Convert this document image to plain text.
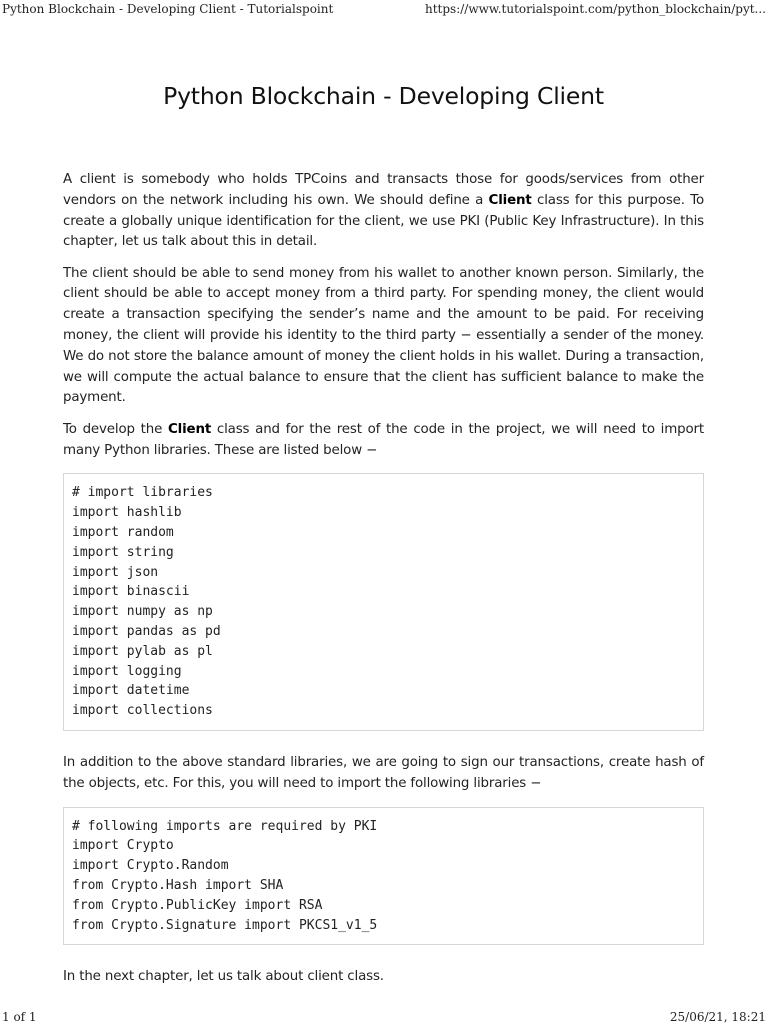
Python Blockchain - Developing Client - Tutorialspoint	https://www.tutorialspoint.com/python_blockchain/pyt...
Python Blockchain - Developing Client

A client is somebody who holds TPCoins and transacts those for goods/services from other vendors on the network including his own. We should define a Client class for this purpose. To create a globally unique identification for the client, we use PKI (Public Key Infrastructure). In this chapter, let us talk about this in detail.

The client should be able to send money from his wallet to another known person. Similarly, the client should be able to accept money from a third party. For spending money, the client would create a transaction specifying the sender’s name and the amount to be paid. For receiving money, the client will provide his identity to the third party − essentially a sender of the money. We do not store the balance amount of money the client holds in his wallet. During a transaction, we will compute the actual balance to ensure that the client has sufficient balance to make the payment.

To develop the Client class and for the rest of the code in the project, we will need to import many Python libraries. These are listed below −

# import libraries
import hashlib
import random
import string
import json
import binascii
import numpy as np
import pandas as pd
import pylab as pl
import logging
import datetime
import collections

In addition to the above standard libraries, we are going to sign our transactions, create hash of the objects, etc. For this, you will need to import the following libraries −

# following imports are required by PKI
import Crypto
import Crypto.Random
from Crypto.Hash import SHA
from Crypto.PublicKey import RSA
from Crypto.Signature import PKCS1_v1_5

In the next chapter, let us talk about client class.

1 of 1	25/06/21, 18:21
